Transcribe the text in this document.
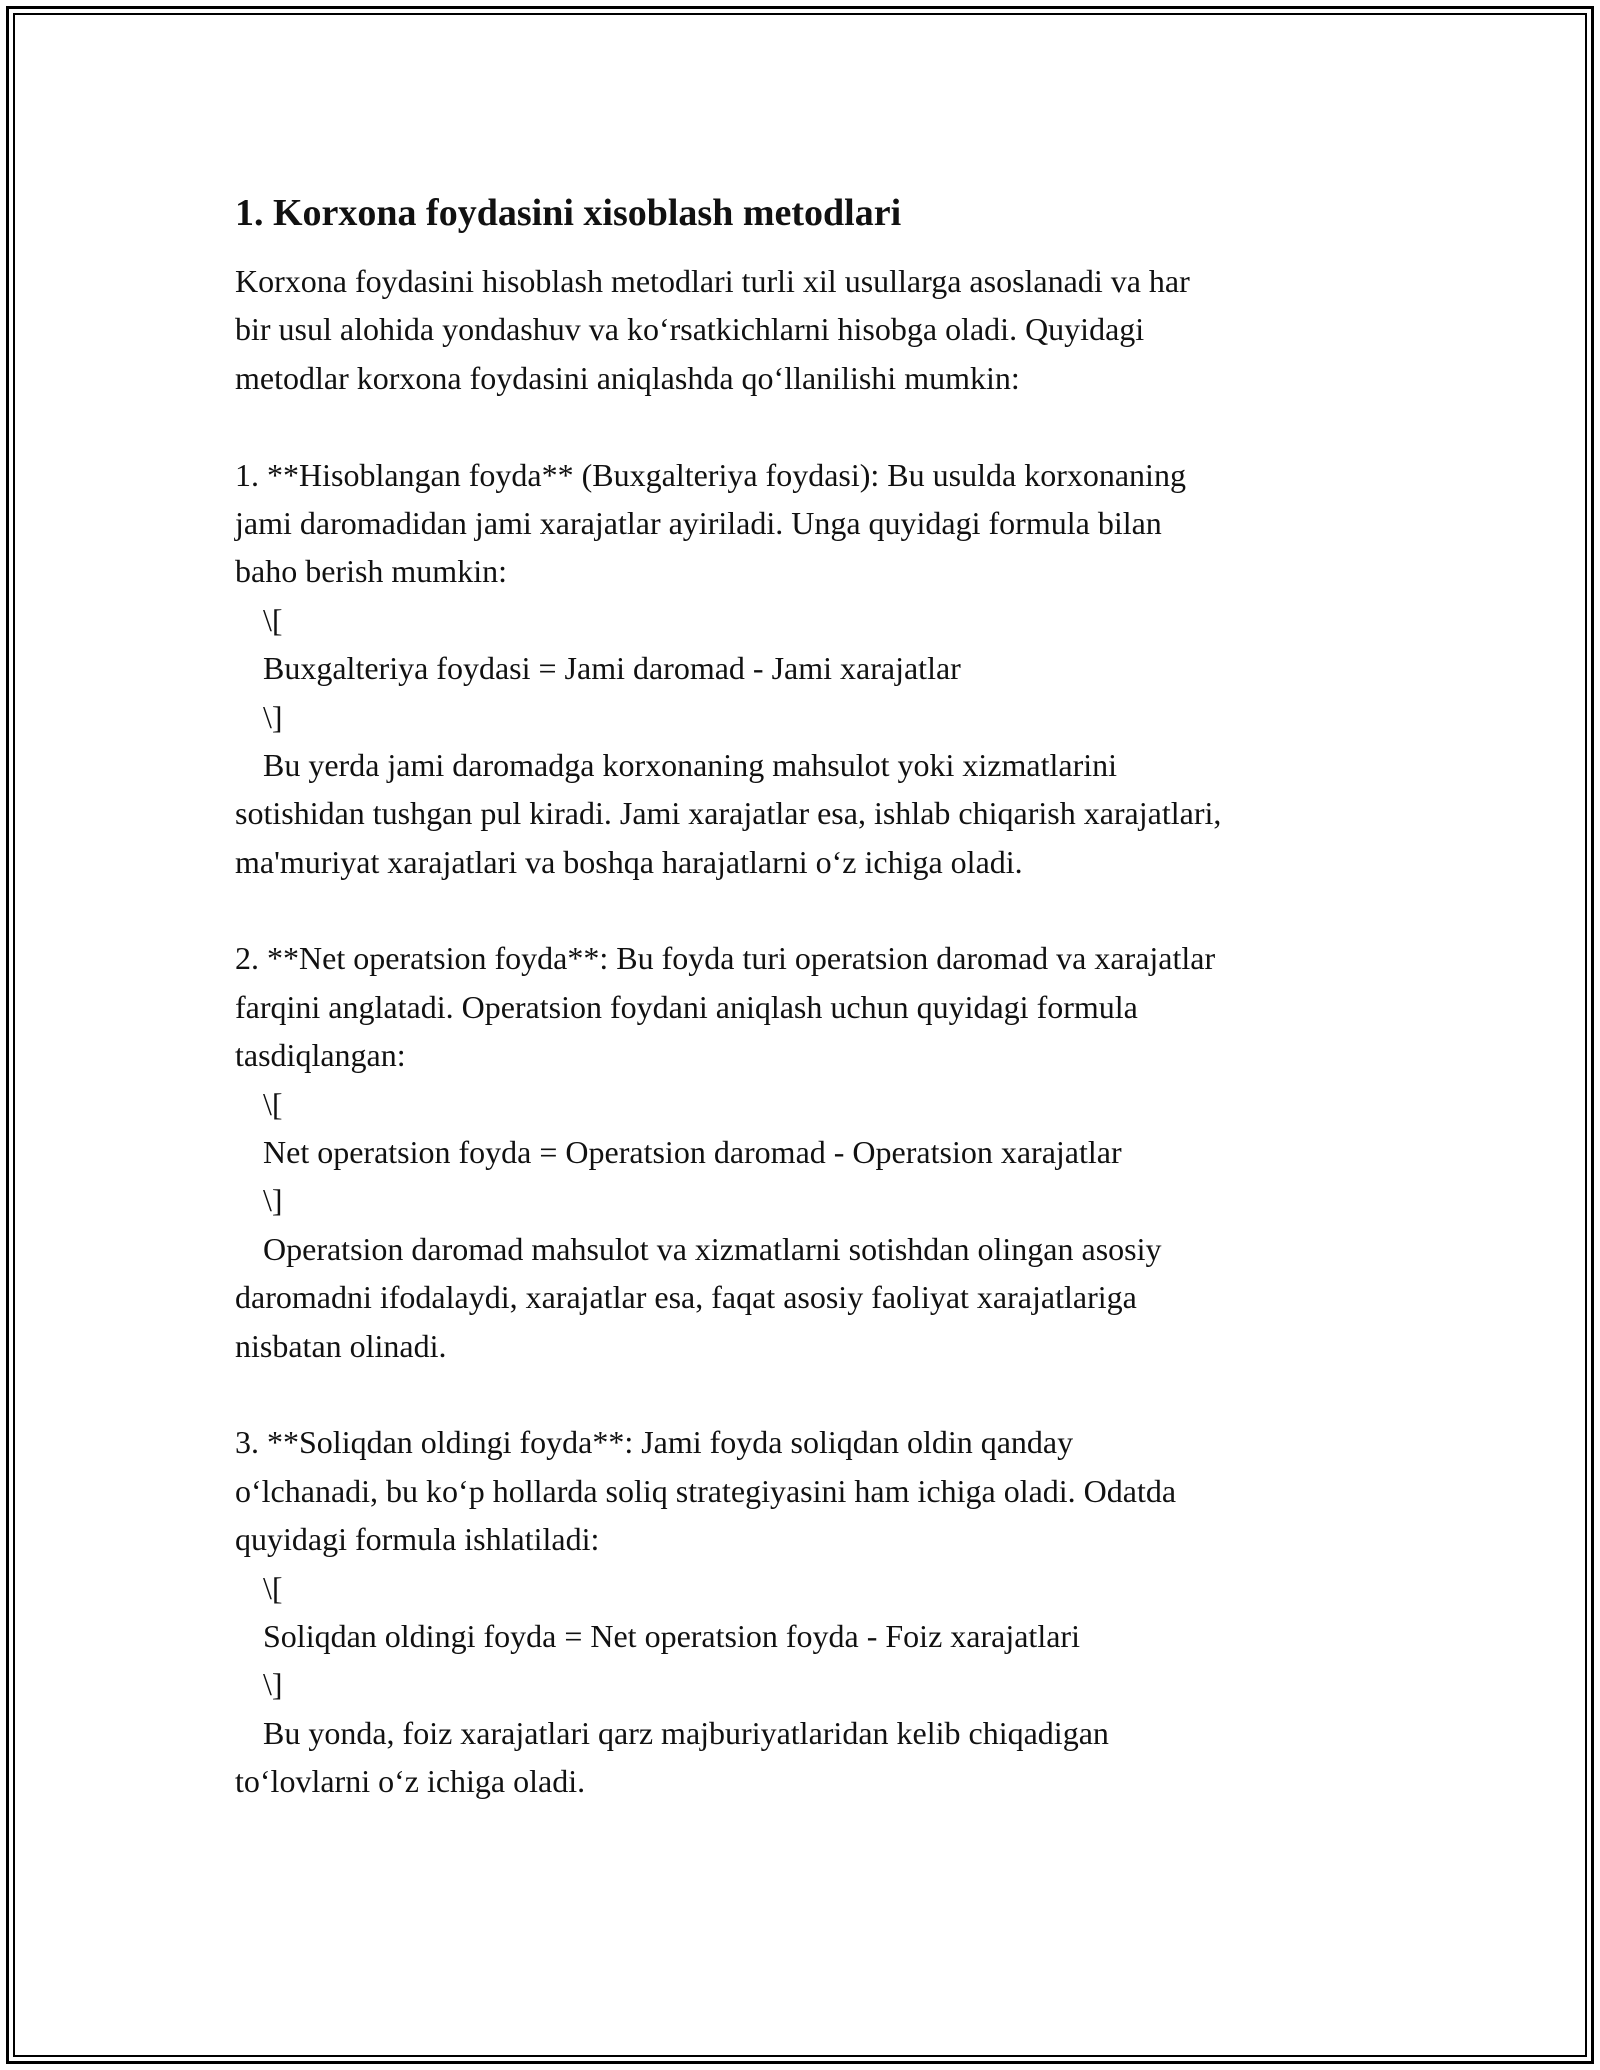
1. Korxona foydasini xisoblash metodlari
Korxona foydasini hisoblash metodlari turli xil usullarga asoslanadi va har
bir usul alohida yondashuv va ko‘rsatkichlarni hisobga oladi. Quyidagi
metodlar korxona foydasini aniqlashda qo‘llanilishi mumkin:
1. **Hisoblangan foyda** (Buxgalteriya foydasi): Bu usulda korxonaning
jami daromadidan jami xarajatlar ayiriladi. Unga quyidagi formula bilan
baho berish mumkin:
\[
Buxgalteriya foydasi = Jami daromad - Jami xarajatlar
\]
Bu yerda jami daromadga korxonaning mahsulot yoki xizmatlarini
sotishidan tushgan pul kiradi. Jami xarajatlar esa, ishlab chiqarish xarajatlari,
ma'muriyat xarajatlari va boshqa harajatlarni o‘z ichiga oladi.
2. **Net operatsion foyda**: Bu foyda turi operatsion daromad va xarajatlar
farqini anglatadi. Operatsion foydani aniqlash uchun quyidagi formula
tasdiqlangan:
\[
Net operatsion foyda = Operatsion daromad - Operatsion xarajatlar
\]
Operatsion daromad mahsulot va xizmatlarni sotishdan olingan asosiy
daromadni ifodalaydi, xarajatlar esa, faqat asosiy faoliyat xarajatlariga
nisbatan olinadi.
3. **Soliqdan oldingi foyda**: Jami foyda soliqdan oldin qanday
o‘lchanadi, bu ko‘p hollarda soliq strategiyasini ham ichiga oladi. Odatda
quyidagi formula ishlatiladi:
\[
Soliqdan oldingi foyda = Net operatsion foyda - Foiz xarajatlari
\]
Bu yonda, foiz xarajatlari qarz majburiyatlaridan kelib chiqadigan
to‘lovlarni o‘z ichiga oladi.
